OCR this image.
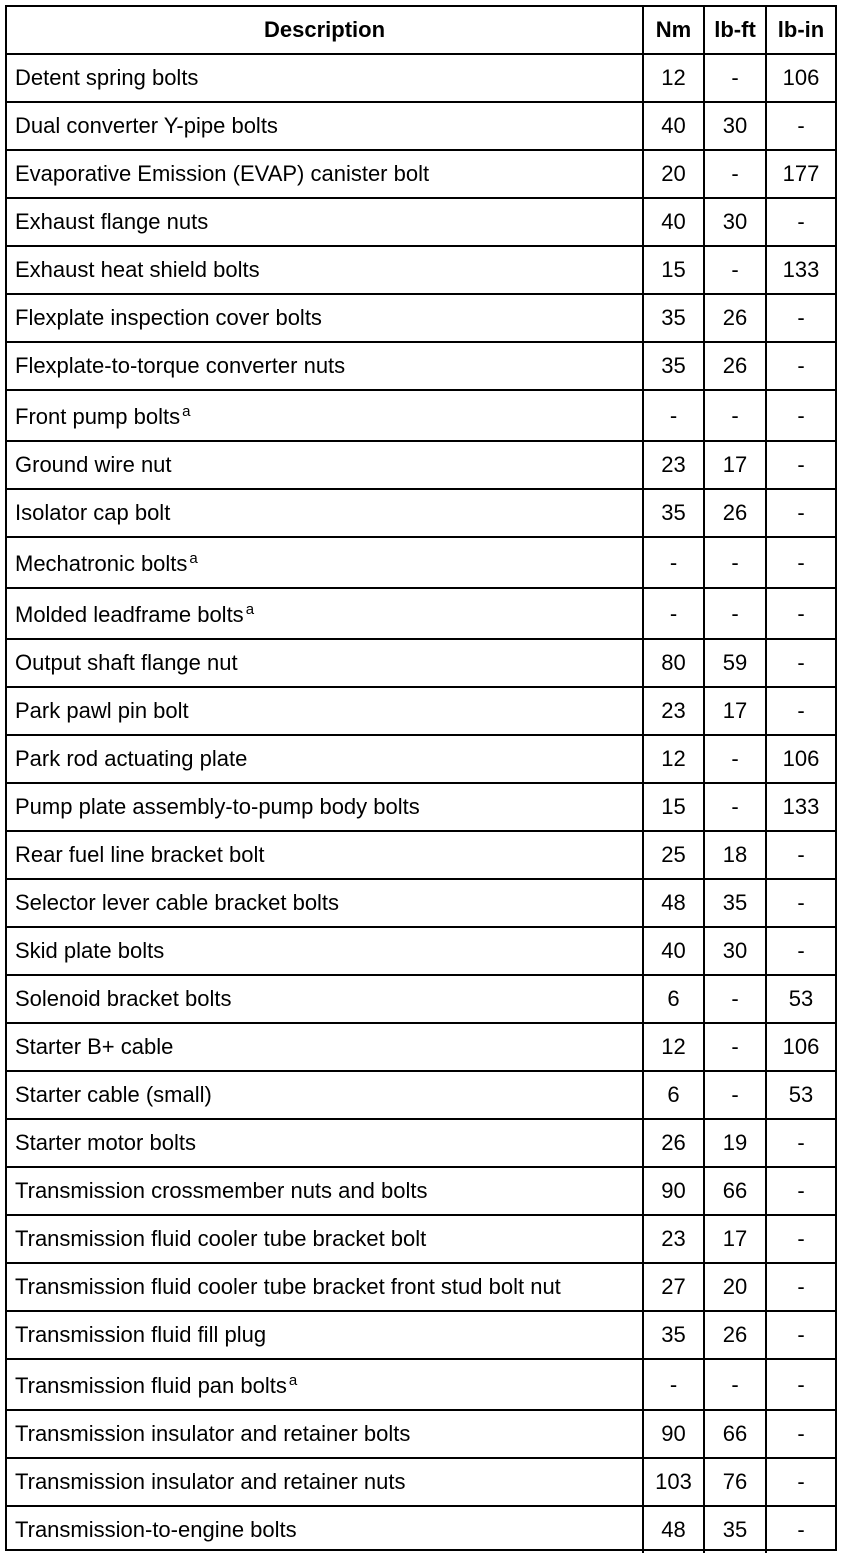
Description	Nm	lb-ft	lb-in
Detent spring bolts	12	-	106
Dual converter Y-pipe bolts	40	30	-
Evaporative Emission (EVAP) canister bolt	20	-	177
Exhaust flange nuts	40	30	-
Exhaust heat shield bolts	15	-	133
Flexplate inspection cover bolts	35	26	-
Flexplate-to-torque converter nuts	35	26	-
Front pump bolts $^a$	-	-	-
Ground wire nut	23	17	-
Isolator cap bolt	35	26	-
Mechatronic bolts $^a$	-	-	-
Molded leadframe bolts $^a$	-	-	-
Output shaft flange nut	80	59	-
Park pawl pin bolt	23	17	-
Park rod actuating plate	12	-	106
Pump plate assembly-to-pump body bolts	15	-	133
Rear fuel line bracket bolt	25	18	-
Selector lever cable bracket bolts	48	35	-
Skid plate bolts	40	30	-
Solenoid bracket bolts	6	-	53
Starter B+ cable	12	-	106
Starter cable (small)	6	-	53
Starter motor bolts	26	19	-
Transmission crossmember nuts and bolts	90	66	-
Transmission fluid cooler tube bracket bolt	23	17	-
Transmission fluid cooler tube bracket front stud bolt nut	27	20	-
Transmission fluid fill plug	35	26	-
Transmission fluid pan bolts $^a$	-	-	-
Transmission insulator and retainer bolts	90	66	-
Transmission insulator and retainer nuts	103	76	-
Transmission-to-engine bolts	48	35	-
